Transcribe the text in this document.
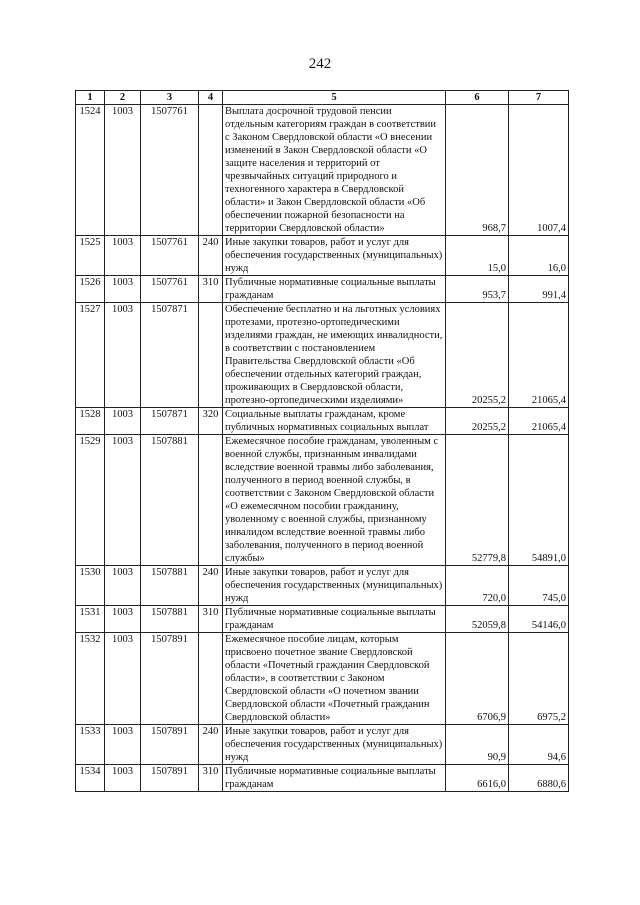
242
1	2	3	4	5	6	7
1524	1003	1507761		Выплата досрочной трудовой пенсии отдельным категориям граждан в соответствии с Законом Свердловской области «О внесении изменений в Закон Свердловской области «О защите населения и территорий от чрезвычайных ситуаций природного и техногенного характера в Свердловской области» и Закон Свердловской области «Об обеспечении пожарной безопасности на территории Свердловской области»	968,7	1007,4
1525	1003	1507761	240	Иные закупки товаров, работ и услуг для обеспечения государственных (муниципальных) нужд	15,0	16,0
1526	1003	1507761	310	Публичные нормативные социальные выплаты гражданам	953,7	991,4
1527	1003	1507871		Обеспечение бесплатно и на льготных условиях протезами, протезно-ортопедическими изделиями граждан, не имеющих инвалидности, в соответствии с постановлением Правительства Свердловской области «Об обеспечении отдельных категорий граждан, проживающих в Свердловской области, протезно-ортопедическими изделиями»	20255,2	21065,4
1528	1003	1507871	320	Социальные выплаты гражданам, кроме публичных нормативных социальных выплат	20255,2	21065,4
1529	1003	1507881		Ежемесячное пособие гражданам, уволенным с военной службы, признанным инвалидами вследствие военной травмы либо заболевания, полученного в период военной службы, в соответствии с Законом Свердловской области «О ежемесячном пособии гражданину, уволенному с военной службы, признанному инвалидом вследствие военной травмы либо заболевания, полученного в период военной службы»	52779,8	54891,0
1530	1003	1507881	240	Иные закупки товаров, работ и услуг для обеспечения государственных (муниципальных) нужд	720,0	745,0
1531	1003	1507881	310	Публичные нормативные социальные выплаты гражданам	52059,8	54146,0
1532	1003	1507891		Ежемесячное пособие лицам, которым присвоено почетное звание Свердловской области «Почетный гражданин Свердловской области», в соответствии с Законом Свердловской области «О почетном звании Свердловской области «Почетный гражданин Свердловской области»	6706,9	6975,2
1533	1003	1507891	240	Иные закупки товаров, работ и услуг для обеспечения государственных (муниципальных) нужд	90,9	94,6
1534	1003	1507891	310	Публичные нормативные социальные выплаты гражданам	6616,0	6880,6
